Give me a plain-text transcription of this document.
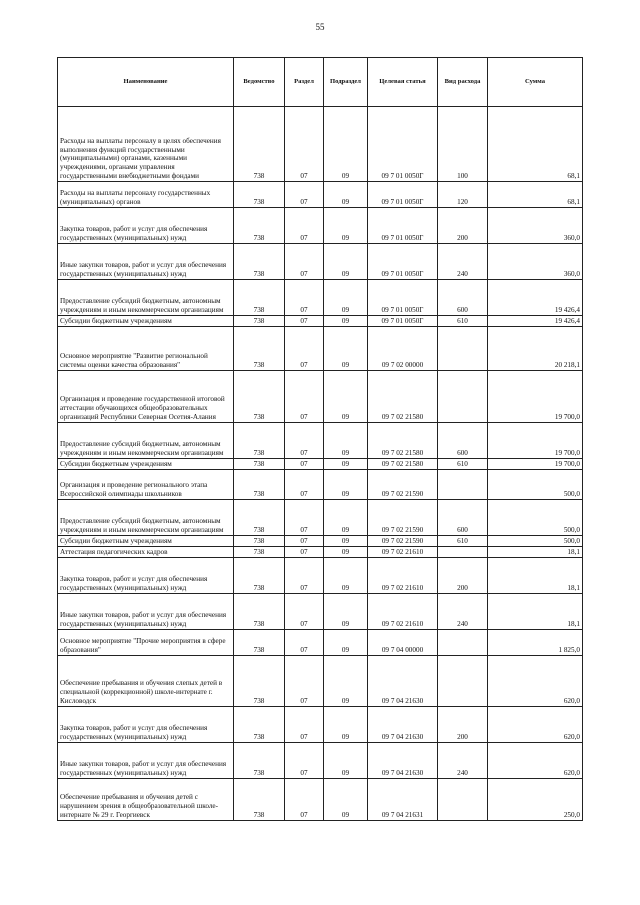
55
Наименование	Ведомство	Раздел	Подраздел	Целевая статья	Вид расхода	Сумма
Расходы на выплаты персоналу в целях обеспечения выполнения функций государственными (муниципальными) органами, казенными учреждениями, органами управления государственными внебюджетными фондами	738	07	09	09 7 01 0050Г	100	68,1
Расходы на выплаты персоналу государственных (муниципальных) органов	738	07	09	09 7 01 0050Г	120	68,1
Закупка товаров, работ и услуг для обеспечения государственных (муниципальных) нужд	738	07	09	09 7 01 0050Г	200	360,0
Иные закупки товаров, работ и услуг для обеспечения государственных (муниципальных) нужд	738	07	09	09 7 01 0050Г	240	360,0
Предоставление субсидий бюджетным, автономным учреждениям и иным некоммерческим организациям	738	07	09	09 7 01 0050Г	600	19 426,4
Субсидии бюджетным учреждениям	738	07	09	09 7 01 0050Г	610	19 426,4
Основное мероприятие "Развитие региональной системы оценки качества образования"	738	07	09	09 7 02 00000		20 218,1
Организация и проведение государственной итоговой аттестации обучающихся общеобразовательных организаций Республики Северная Осетия-Алания	738	07	09	09 7 02 21580		19 700,0
Предоставление субсидий бюджетным, автономным учреждениям и иным некоммерческим организациям	738	07	09	09 7 02 21580	600	19 700,0
Субсидии бюджетным учреждениям	738	07	09	09 7 02 21580	610	19 700,0
Организация и проведение регионального этапа Всероссийской олимпиады школьников	738	07	09	09 7 02 21590		500,0
Предоставление субсидий бюджетным, автономным учреждениям и иным некоммерческим организациям	738	07	09	09 7 02 21590	600	500,0
Субсидии бюджетным учреждениям	738	07	09	09 7 02 21590	610	500,0
Аттестация педагогических кадров	738	07	09	09 7 02 21610		18,1
Закупка товаров, работ и услуг для обеспечения государственных (муниципальных) нужд	738	07	09	09 7 02 21610	200	18,1
Иные закупки товаров, работ и услуг для обеспечения государственных (муниципальных) нужд	738	07	09	09 7 02 21610	240	18,1
Основное мероприятие "Прочие мероприятия в сфере образования"	738	07	09	09 7 04 00000		1 825,0
Обеспечение пребывания и обучения слепых детей в специальной (коррекционной) школе-интернате г. Кисловодск	738	07	09	09 7 04 21630		620,0
Закупка товаров, работ и услуг для обеспечения государственных (муниципальных) нужд	738	07	09	09 7 04 21630	200	620,0
Иные закупки товаров, работ и услуг для обеспечения государственных (муниципальных) нужд	738	07	09	09 7 04 21630	240	620,0
Обеспечение пребывания и обучения детей с нарушением зрения в общеобразовательной школе-интернате № 29 г. Георгиевск	738	07	09	09 7 04 21631		250,0
